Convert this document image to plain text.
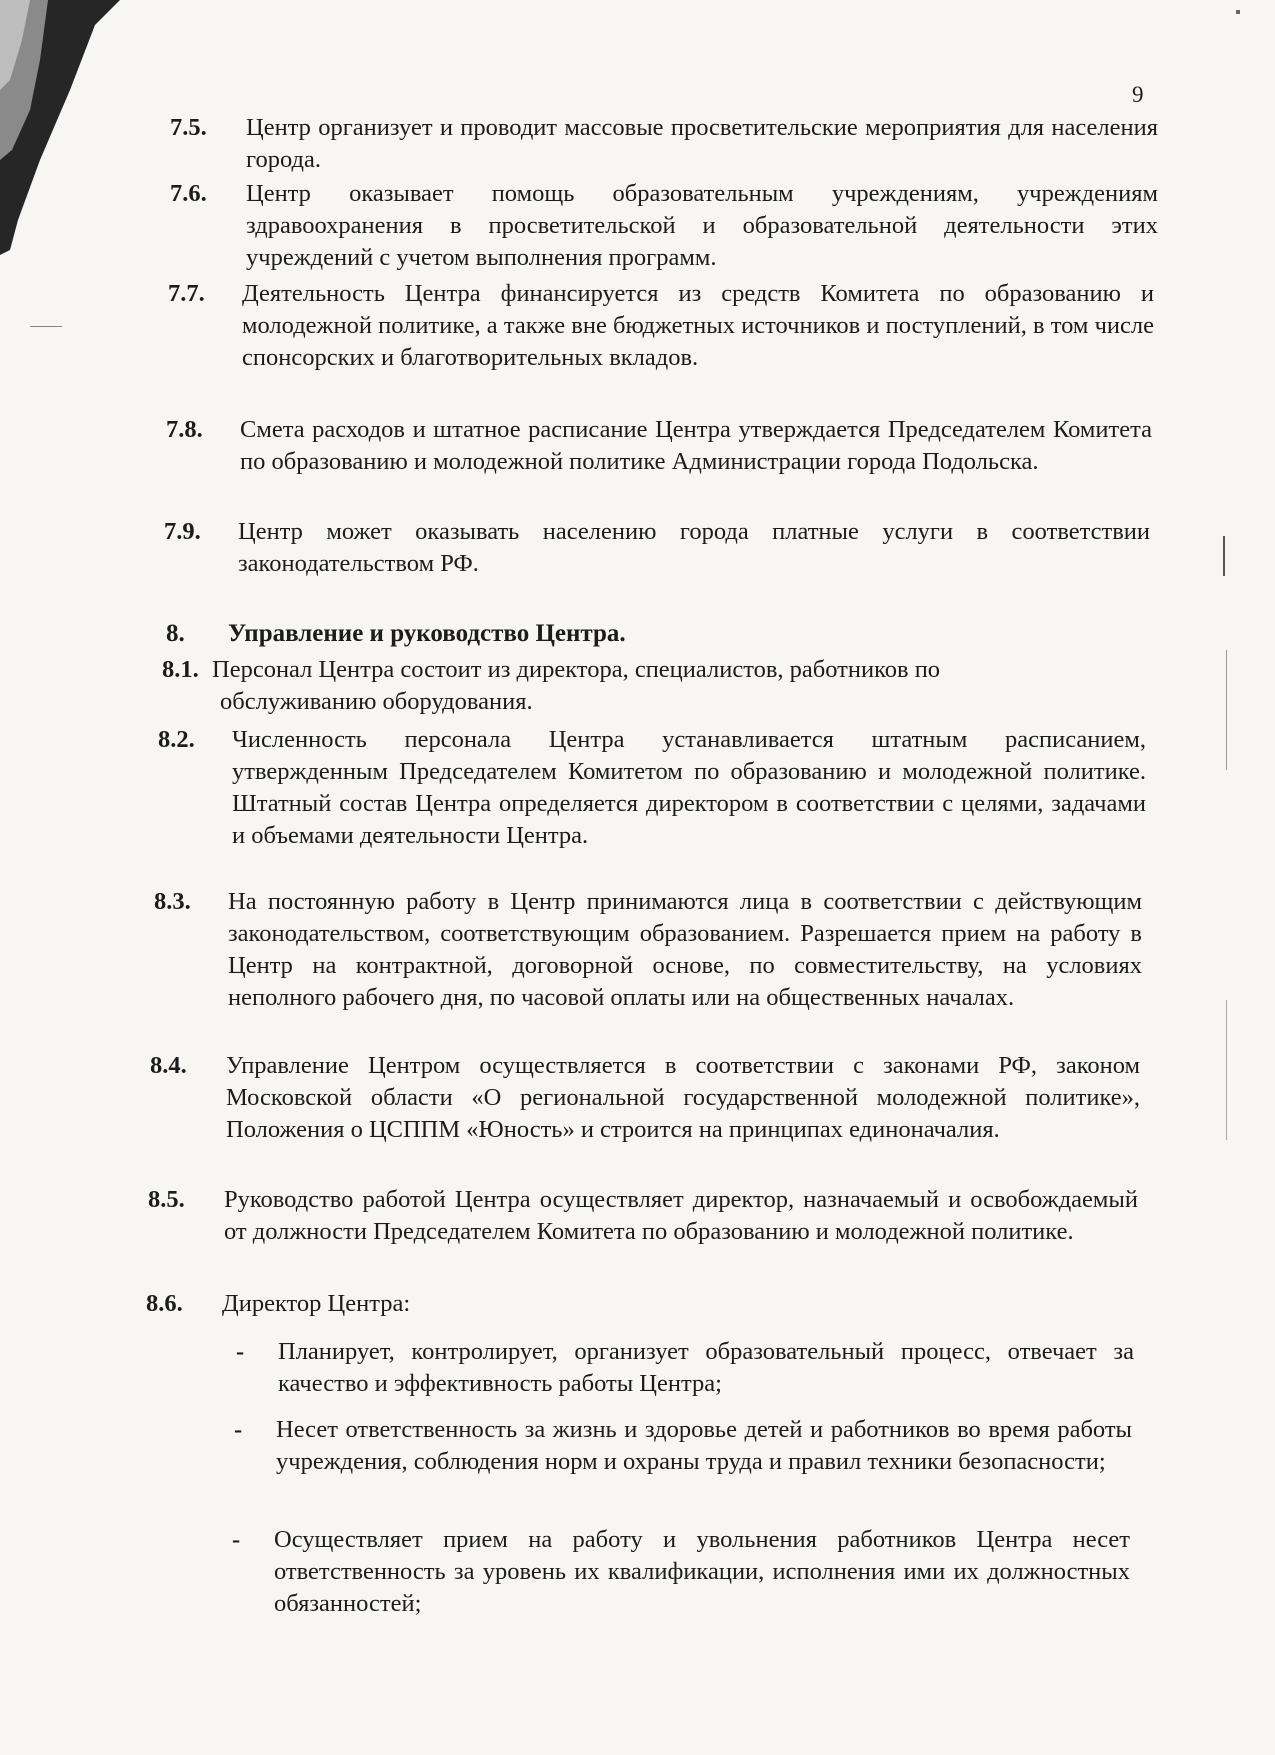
9
7.5. Центр организует и проводит массовые просветительские мероприятия для населения города.
7.6. Центр оказывает помощь образовательным учреждениям, учреждениям здравоохранения в просветительской и образовательной деятельности этих учреждений с учетом выполнения программ.
7.7. Деятельность Центра финансируется из средств Комитета по образованию и молодежной политике, а также вне бюджетных источников и поступлений, в том числе спонсорских и благотворительных вкладов.
7.8. Смета расходов и штатное расписание Центра утверждается Председателем Комитета по образованию и молодежной политике Администрации города Подольска.
7.9. Центр может оказывать населению города платные услуги в соответствии законодательством РФ.
8. Управление и руководство Центра.
8.1. Персонал Центра состоит из директора, специалистов, работников по
обслуживанию оборудования.
8.2. Численность персонала Центра устанавливается штатным расписанием, утвержденным Председателем Комитетом по образованию и молодежной политике. Штатный состав Центра определяется директором в соответствии с целями, задачами и объемами деятельности Центра.
8.3. На постоянную работу в Центр принимаются лица в соответствии с действующим законодательством, соответствующим образованием. Разрешается прием на работу в Центр на контрактной, договорной основе, по совместительству, на условиях неполного рабочего дня, по часовой оплаты или на общественных началах.
8.4. Управление Центром осуществляется в соответствии с законами РФ, законом Московской области «О региональной государственной молодежной политике», Положения о ЦСППМ «Юность» и строится на принципах единоначалия.
8.5. Руководство работой Центра осуществляет директор, назначаемый и освобождаемый от должности Председателем Комитета по образованию и молодежной политике.
8.6. Директор Центра:
- Планирует, контролирует, организует образовательный процесс, отвечает за качество и эффективность работы Центра;
- Несет ответственность за жизнь и здоровье детей и работников во время работы учреждения, соблюдения норм и охраны труда и правил техники безопасности;
- Осуществляет прием на работу и увольнения работников Центра несет ответственность за уровень их квалификации, исполнения ими их должностных обязанностей;
